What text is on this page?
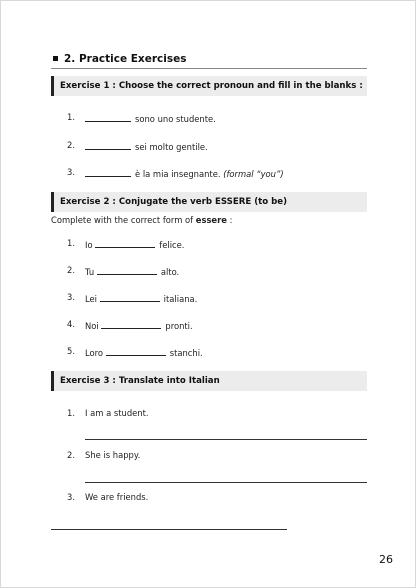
2. Practice Exercises
Exercise 1 : Choose the correct pronoun and fill in the blanks :
1.	sono uno studente.
2.	sei molto gentile.
3.	è la mia insegnante. (formal “you”)
Exercise 2 : Conjugate the verb ESSERE (to be)
Complete with the correct form of essere :
1. Io	felice.
2. Tu	alto.
3. Lei	italiana.
4. Noi	pronti.
5. Loro	stanchi.
Exercise 3 : Translate into Italian
1. I am a student.
2. She is happy.
3. We are friends.
26
